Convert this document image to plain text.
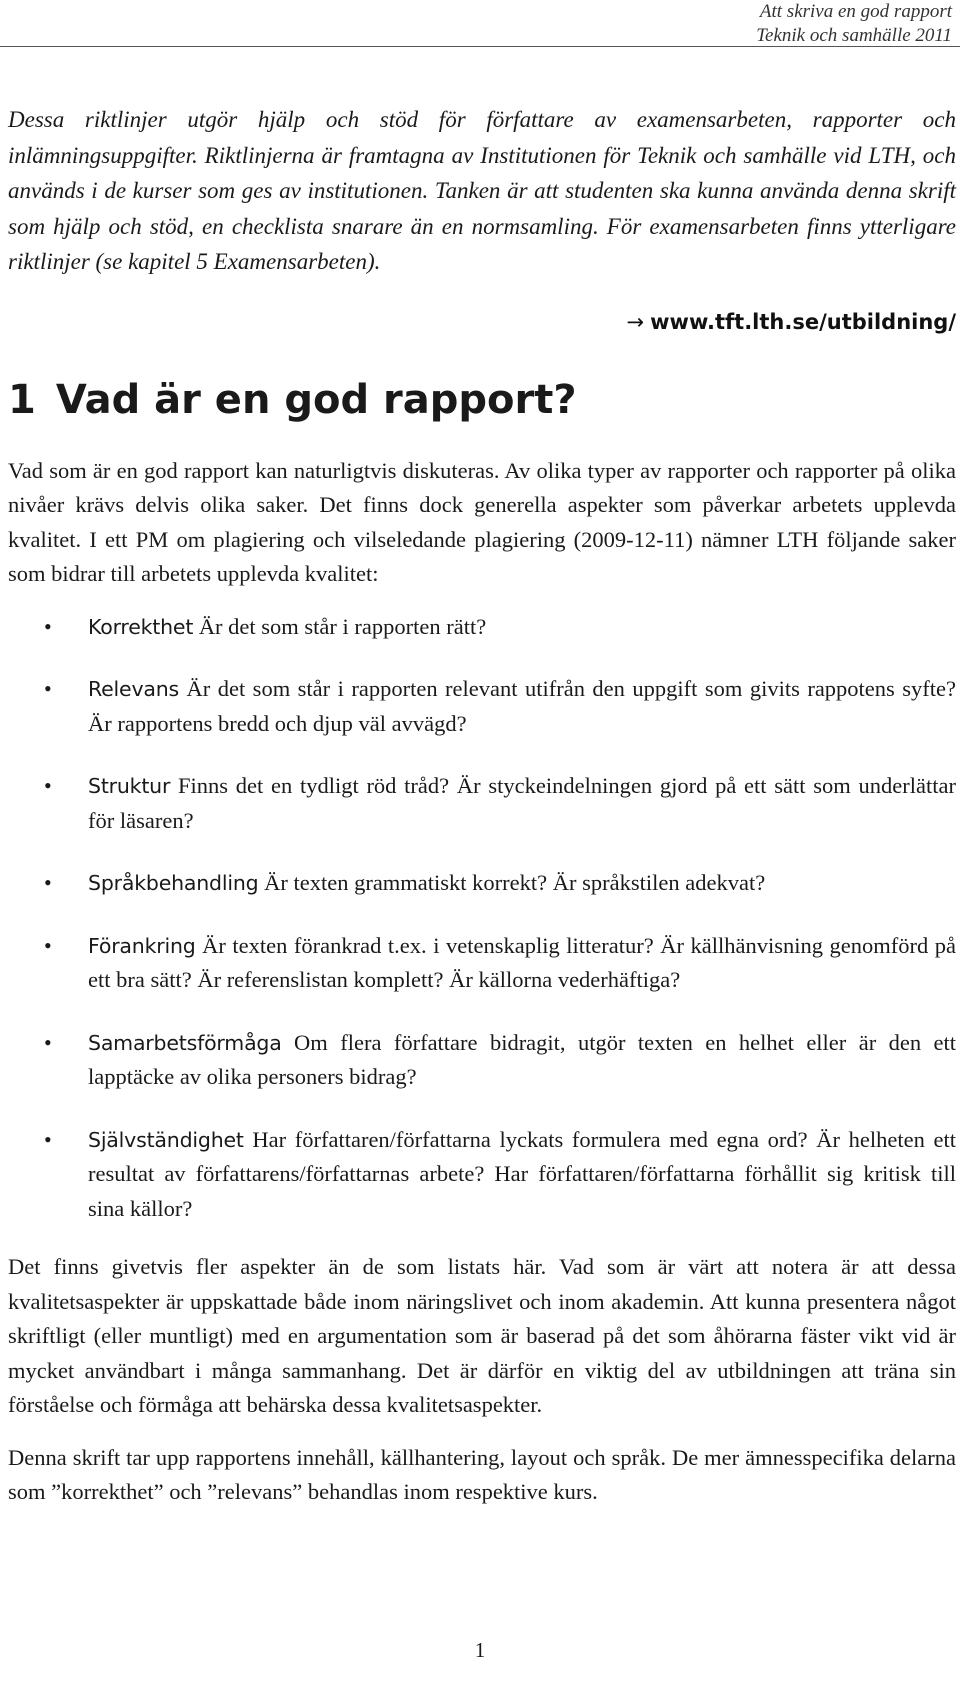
Att skriva en god rapport
Teknik och samhälle 2011

Dessa riktlinjer utgör hjälp och stöd för författare av examensarbeten, rapporter och inlämningsuppgifter. Riktlinjerna är framtagna av Institutionen för Teknik och samhälle vid LTH, och används i de kurser som ges av institutionen. Tanken är att studenten ska kunna använda denna skrift som hjälp och stöd, en checklista snarare än en normsamling. För examensarbeten finns ytterligare riktlinjer (se kapitel 5 Examensarbeten).

→ www.tft.lth.se/utbildning/
1 Vad är en god rapport?

Vad som är en god rapport kan naturligtvis diskuteras. Av olika typer av rapporter och rapporter på olika nivåer krävs delvis olika saker. Det finns dock generella aspekter som påverkar arbetets upplevda kvalitet. I ett PM om plagiering och vilseledande plagiering (2009-12-11) nämner LTH följande saker som bidrar till arbetets upplevda kvalitet:

• Korrekthet Är det som står i rapporten rätt?
• Relevans Är det som står i rapporten relevant utifrån den uppgift som givits rappotens syfte? Är rapportens bredd och djup väl avvägd?
• Struktur Finns det en tydligt röd tråd? Är styckeindelningen gjord på ett sätt som underlättar för läsaren?
• Språkbehandling Är texten grammatiskt korrekt? Är språkstilen adekvat?
• Förankring Är texten förankrad t.ex. i vetenskaplig litteratur? Är källhänvisning genomförd på ett bra sätt? Är referenslistan komplett? Är källorna vederhäftiga?
• Samarbetsförmåga Om flera författare bidragit, utgör texten en helhet eller är den ett lapptäcke av olika personers bidrag?
• Självständighet Har författaren/författarna lyckats formulera med egna ord? Är helheten ett resultat av författarens/författarnas arbete? Har författaren/författarna förhållit sig kritisk till sina källor?

Det finns givetvis fler aspekter än de som listats här. Vad som är värt att notera är att dessa kvalitetsaspekter är uppskattade både inom näringslivet och inom akademin. Att kunna presentera något skriftligt (eller muntligt) med en argumentation som är baserad på det som åhörarna fäster vikt vid är mycket användbart i många sammanhang. Det är därför en viktig del av utbildningen att träna sin förståelse och förmåga att behärska dessa kvalitetsaspekter.

Denna skrift tar upp rapportens innehåll, källhantering, layout och språk. De mer ämnesspecifika delarna som ”korrekthet” och ”relevans” behandlas inom respektive kurs.

1
